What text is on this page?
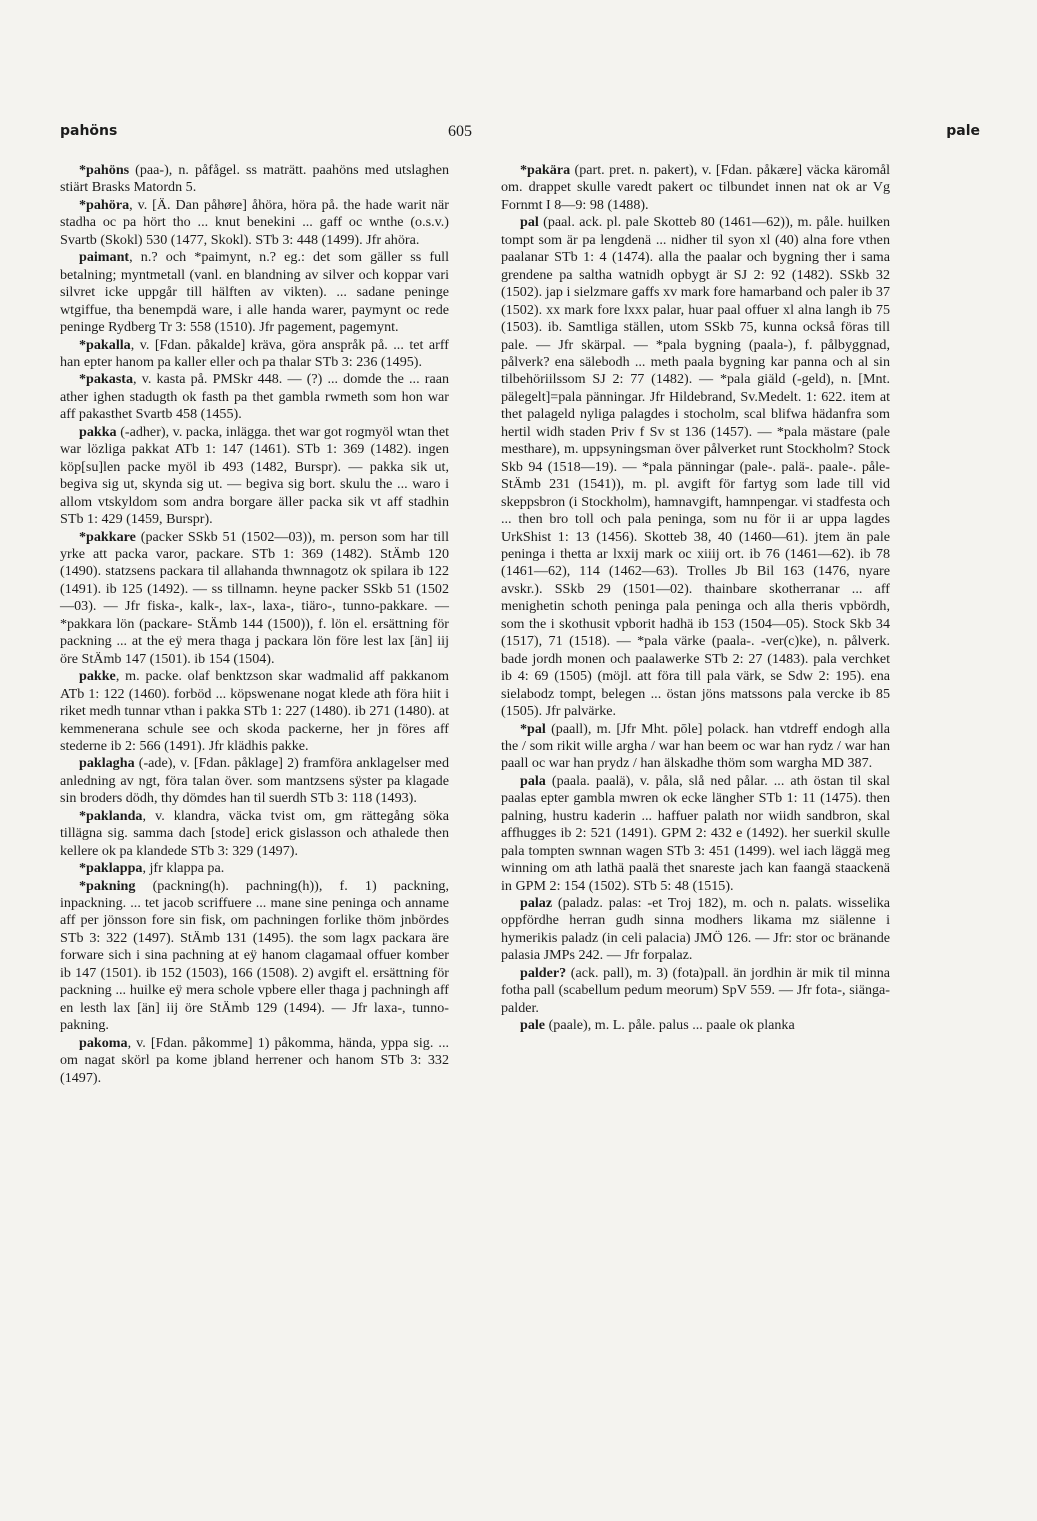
pahöns	605	pale

*pahöns (paa-), n. påfågel. ss maträtt. paahöns med utslaghen stiärt Brasks Matordn 5.

*pahöra, v. [Ä. Dan påhøre] åhöra, höra på. the hade warit när stadha oc pa hört tho ... knut benekini ... gaff oc wnthe (o.s.v.) Svartb (Skokl) 530 (1477, Skokl). STb 3: 448 (1499). Jfr ahöra.

paimant, n.? och *paimynt, n.? eg.: det som gäller ss full betalning; myntmetall (vanl. en blandning av silver och koppar vari silvret icke uppgår till hälften av vikten). ... sadane peninge wtgiffue, tha benempdä ware, i alle handa warer, paymynt oc rede peninge Rydberg Tr 3: 558 (1510). Jfr pagement, pagemynt.

*pakalla, v. [Fdan. påkalde] kräva, göra anspråk på. ... tet arff han epter hanom pa kaller eller och pa thalar STb 3: 236 (1495).

*pakasta, v. kasta på. PMSkr 448. — (?) ... domde the ... raan ather ighen stadugth ok fasth pa thet gambla rwmeth som hon war aff pakasthet Svartb 458 (1455).

pakka (-adher), v. packa, inlägga. thet war got rogmyöl wtan thet war lözliga pakkat ATb 1: 147 (1461). STb 1: 369 (1482). ingen köp[su]len packe myöl ib 493 (1482, Burspr). — pakka sik ut, begiva sig ut, skynda sig ut. — begiva sig bort. skulu the ... waro i allom vtskyldom som andra borgare äller packa sik vt aff stadhin STb 1: 429 (1459, Burspr).

*pakkare (packer SSkb 51 (1502—03)), m. person som har till yrke att packa varor, packare. STb 1: 369 (1482). StÄmb 120 (1490). statzsens packara til allahanda thwnnagotz ok spilara ib 122 (1491). ib 125 (1492). — ss tillnamn. heyne packer SSkb 51 (1502—03). — Jfr fiska-, kalk-, lax-, laxa-, tiäro-, tunno-pakkare. — *pakkara lön (packare- StÄmb 144 (1500)), f. lön el. ersättning för packning ... at the eÿ mera thaga j packara lön före lest lax [än] iij öre StÄmb 147 (1501). ib 154 (1504).

pakke, m. packe. olaf benktzson skar wadmalid aff pakkanom ATb 1: 122 (1460). forböd ... köpswenane nogat klede ath föra hiit i riket medh tunnar vthan i pakka STb 1: 227 (1480). ib 271 (1480). at kemmenerana schule see och skoda packerne, her jn föres aff stederne ib 2: 566 (1491). Jfr klädhis pakke.

paklagha (-ade), v. [Fdan. påklage] 2) framföra anklagelser med anledning av ngt, föra talan över. som mantzsens sÿster pa klagade sin broders dödh, thy dömdes han til suerdh STb 3: 118 (1493).

*paklanda, v. klandra, väcka tvist om, gm rättegång söka tillägna sig. samma dach [stode] erick gislasson och athalede then kellere ok pa klandede STb 3: 329 (1497).

*paklappa, jfr klappa pa.

*pakning (packning(h). pachning(h)), f. 1) packning, inpackning. ... tet jacob scriffuere ... mane sine peninga och anname aff per jönsson fore sin fisk, om pachningen forlike thöm jnbördes STb 3: 322 (1497). StÄmb 131 (1495). the som lagx packara äre forware sich i sina pachning at eÿ hanom clagamaal offuer komber ib 147 (1501). ib 152 (1503), 166 (1508). 2) avgift el. ersättning för packning ... huilke eÿ mera schole vpbere eller thaga j pachningh aff en lesth lax [än] iij öre StÄmb 129 (1494). — Jfr laxa-, tunno- pakning.

pakoma, v. [Fdan. påkomme] 1) påkomma, hända, yppa sig. ... om nagat skörl pa kome jbland herrener och hanom STb 3: 332 (1497).

*pakära (part. pret. n. pakert), v. [Fdan. påkære] väcka käromål om. drappet skulle varedt pakert oc tilbundet innen nat ok ar Vg Fornmt I 8—9: 98 (1488).

pal (paal. ack. pl. pale Skotteb 80 (1461—62)), m. påle. huilken tompt som är pa lengdenä ... nidher til syon xl (40) alna fore vthen paalanar STb 1: 4 (1474). alla the paalar och bygning ther i sama grendene pa saltha watnidh opbygt är SJ 2: 92 (1482). SSkb 32 (1502). jap i sielzmare gaffs xv mark fore hamarband och paler ib 37 (1502). xx mark fore lxxx palar, huar paal offuer xl alna langh ib 75 (1503). ib. Samtliga ställen, utom SSkb 75, kunna också föras till pale. — Jfr skärpal. — *pala bygning (paala-), f. pålbyggnad, pålverk? ena sälebodh ... meth paala bygning kar panna och al sin tilbehöriilssom SJ 2: 77 (1482). — *pala giäld (-geld), n. [Mnt. pälegelt]=pala pänningar. Jfr Hildebrand, Sv.Medelt. 1: 622. item at thet palageld nyliga palagdes i stocholm, scal blifwa hädanfra som hertil widh staden Priv f Sv st 136 (1457). — *pala mästare (pale mesthare), m. uppsyningsman över pålverket runt Stockholm? Stock Skb 94 (1518—19). — *pala pänningar (pale-. palä-. paale-. påle- StÄmb 231 (1541)), m. pl. avgift för fartyg som lade till vid skeppsbron (i Stockholm), hamnavgift, hamnpengar. vi stadfesta och ... then bro toll och pala peninga, som nu för ii ar uppa lagdes UrkShist 1: 13 (1456). Skotteb 38, 40 (1460—61). jtem än pale peninga i thetta ar lxxij mark oc xiiij ort. ib 76 (1461—62). ib 78 (1461—62), 114 (1462—63). Trolles Jb Bil 163 (1476, nyare avskr.). SSkb 29 (1501—02). thainbare skotherranar ... aff menighetin schoth peninga pala peninga och alla theris vpbördh, som the i skothusit vpborit hadhä ib 153 (1504—05). Stock Skb 34 (1517), 71 (1518). — *pala värke (paala-. -ver(c)ke), n. pålverk. bade jordh monen och paalawerke STb 2: 27 (1483). pala verchket ib 4: 69 (1505) (möjl. att föra till pala värk, se Sdw 2: 195). ena sielabodz tompt, belegen ... östan jöns matssons pala vercke ib 85 (1505). Jfr palvärke.

*pal (paall), m. [Jfr Mht. pōle] polack. han vtdreff endogh alla the / som rikit wille argha / war han beem oc war han rydz / war han paall oc war han prydz / han älskadhe thöm som wargha MD 387.

pala (paala. paalä), v. påla, slå ned pålar. ... ath östan til skal paalas epter gambla mwren ok ecke längher STb 1: 11 (1475). then palning, hustru kaderin ... haffuer palath nor wiidh sandbron, skal affhugges ib 2: 521 (1491). GPM 2: 432 e (1492). her suerkil skulle pala tompten swnnan wagen STb 3: 451 (1499). wel iach läggä meg winning om ath lathä paalä thet snareste jach kan faangä staackenä in GPM 2: 154 (1502). STb 5: 48 (1515).

palaz (paladz. palas: -et Troj 182), m. och n. palats. wisselika oppfördhe herran gudh sinna modhers likama mz siälenne i hymerikis paladz (in celi palacia) JMÖ 126. — Jfr: stor oc bränande palasia JMPs 242. — Jfr forpalaz.

palder? (ack. pall), m. 3) (fota)pall. än jordhin är mik til minna fotha pall (scabellum pedum meorum) SpV 559. — Jfr fota-, siänga-palder.

pale (paale), m. L. påle. palus ... paale ok planka
